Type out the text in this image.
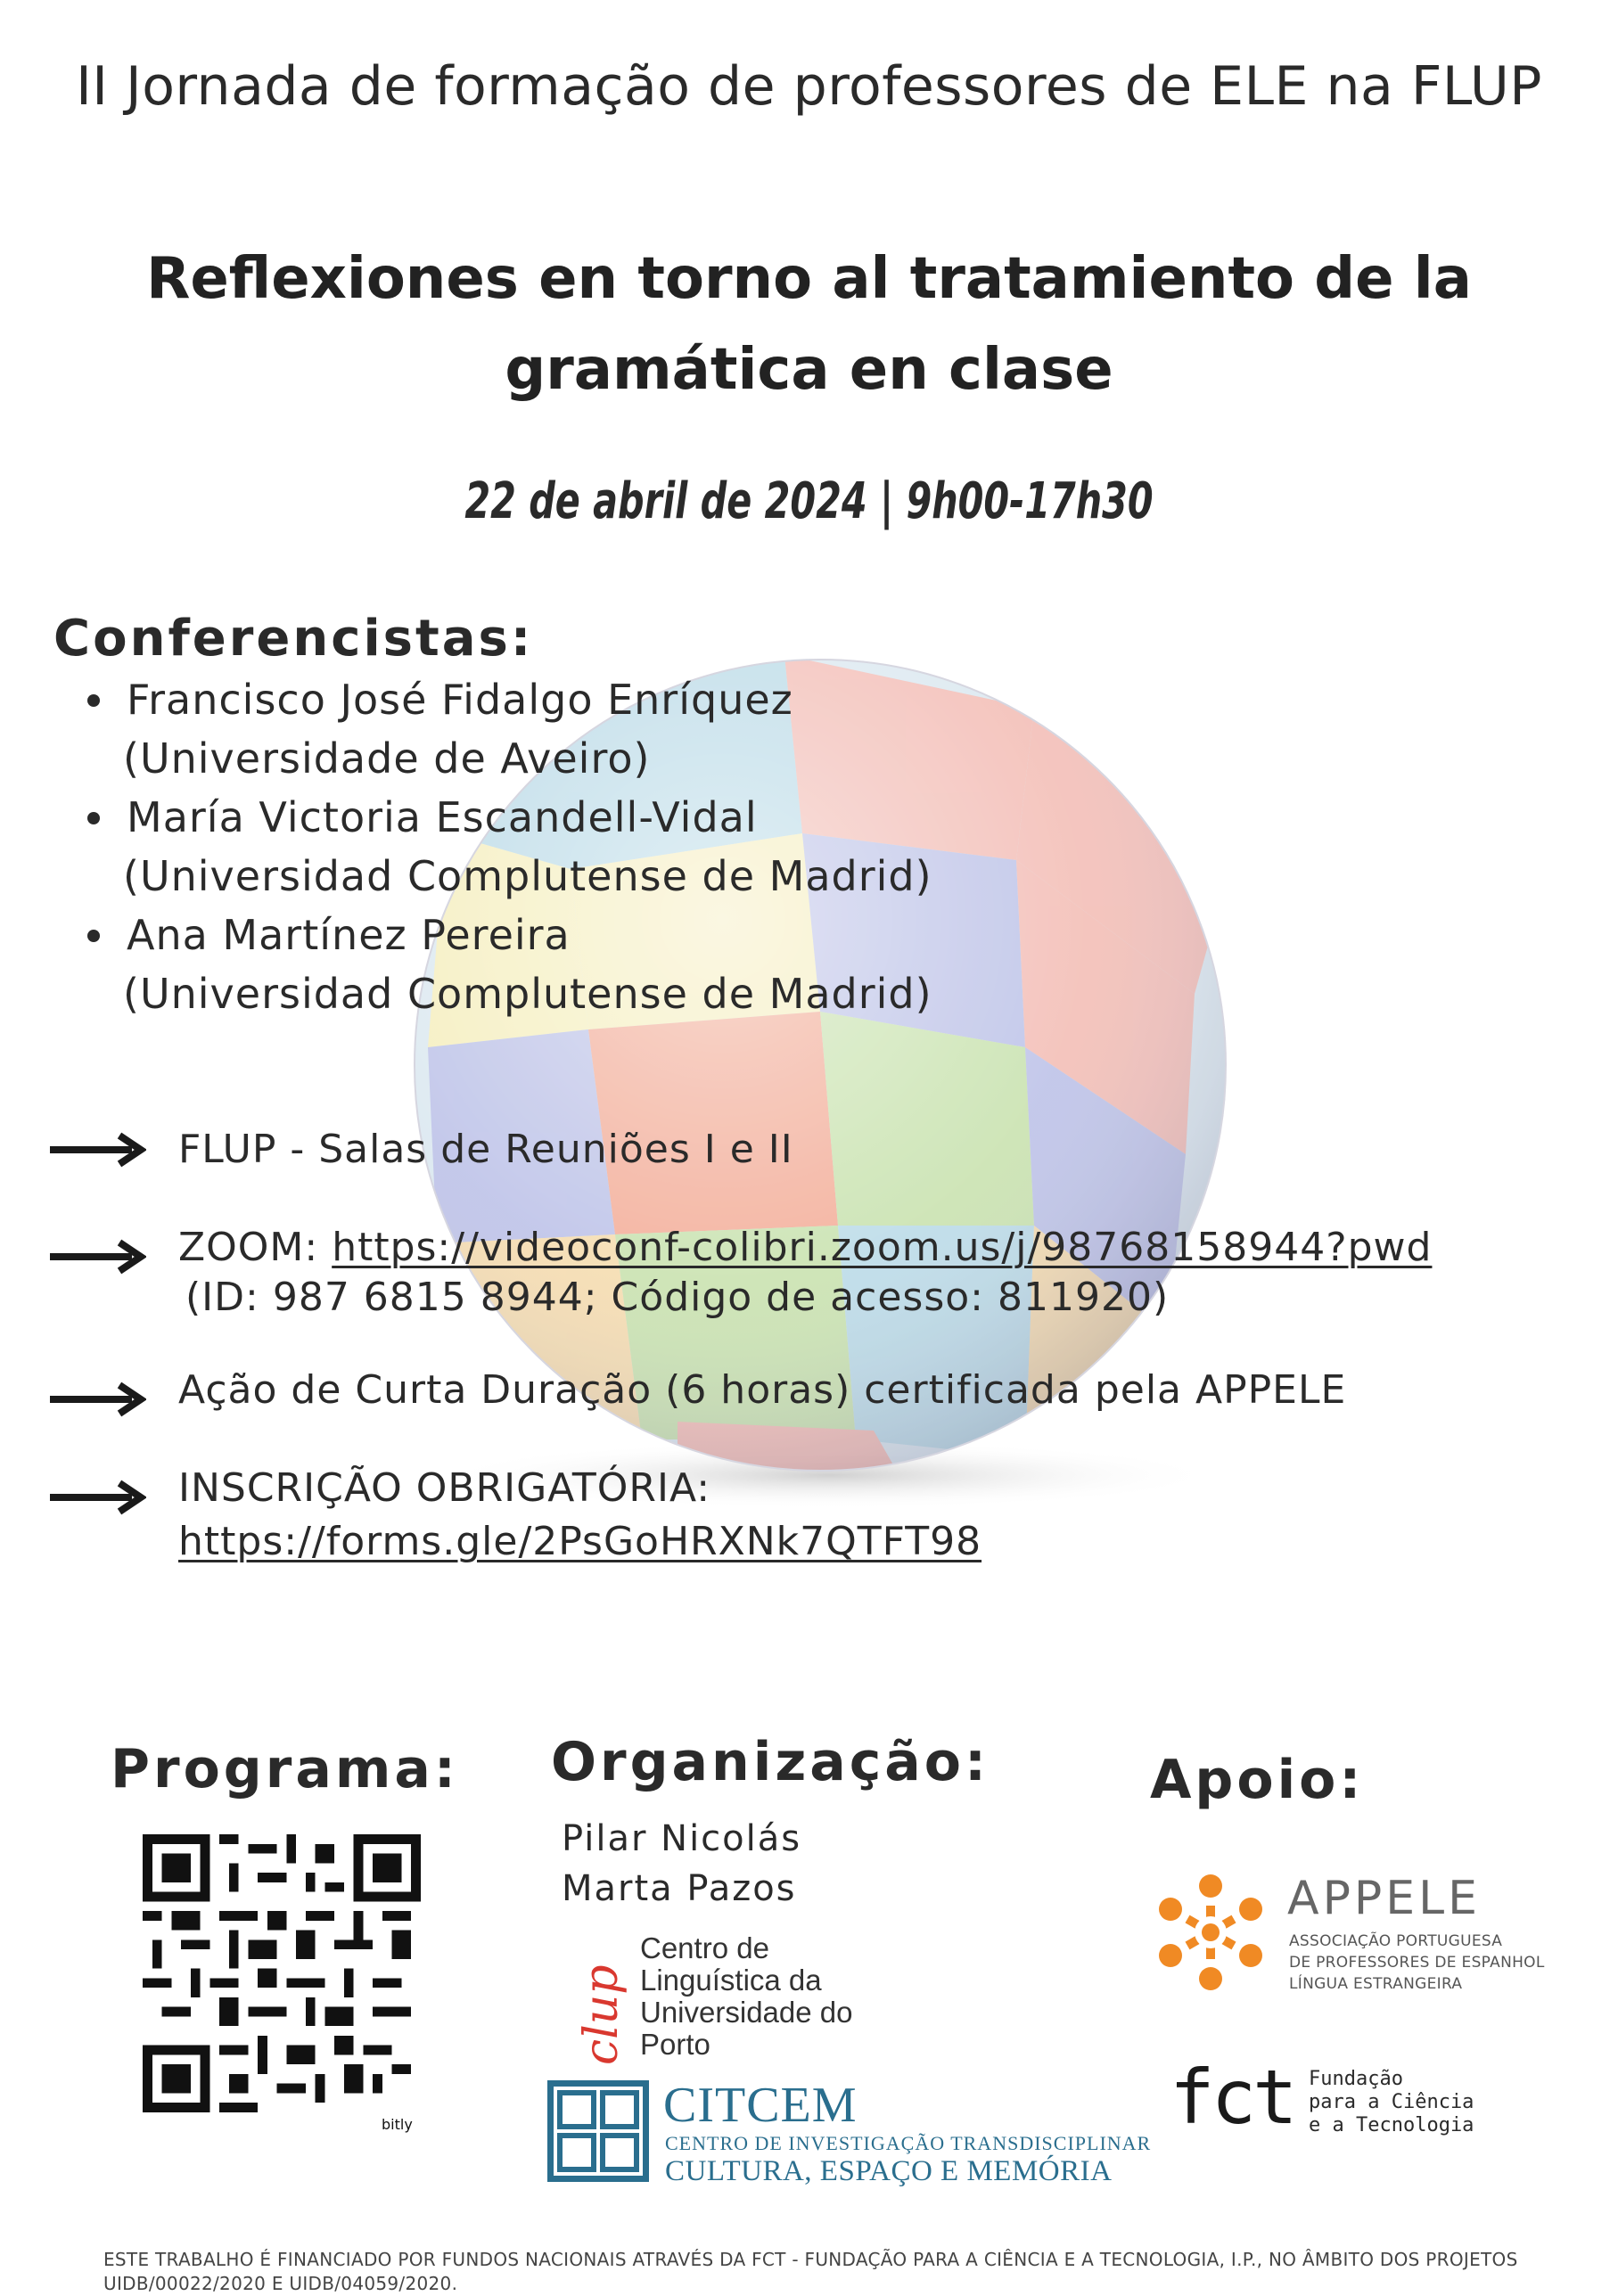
II Jornada de formação de professores de ELE na FLUP
Reflexiones en torno al tratamiento de la
gramática en clase
22 de abril de 2024 | 9h00-17h30
Conferencistas:
Francisco José Fidalgo Enríquez
(Universidade de Aveiro)
María Victoria Escandell-Vidal
(Universidad Complutense de Madrid)
Ana Martínez Pereira
(Universidad Complutense de Madrid)
FLUP - Salas de Reuniões I e II
ZOOM: https://videoconf-colibri.zoom.us/j/98768158944?pwd
(ID: 987 6815 8944; Código de acesso: 811920)
Ação de Curta Duração (6 horas) certificada pela APPELE
INSCRIÇÃO OBRIGATÓRIA:
https://forms.gle/2PsGoHRXNk7QTFT98
Programa:
bitly
Organização:
Pilar Nicolás
Marta Pazos
clup
Centro de
Linguística da
Universidade do
Porto
CITCEM
CENTRO DE INVESTIGAÇÃO TRANSDISCIPLINAR
CULTURA, ESPAÇO E MEMÓRIA
Apoio:
APPELE
ASSOCIAÇÃO PORTUGUESA
DE PROFESSORES DE ESPANHOL
LÍNGUA ESTRANGEIRA
fct Fundação
para a Ciência
e a Tecnologia
ESTE TRABALHO É FINANCIADO POR FUNDOS NACIONAIS ATRAVÉS DA FCT - FUNDAÇÃO PARA A CIÊNCIA E A TECNOLOGIA, I.P., NO ÂMBITO DOS PROJETOS
UIDB/00022/2020 E UIDB/04059/2020.
